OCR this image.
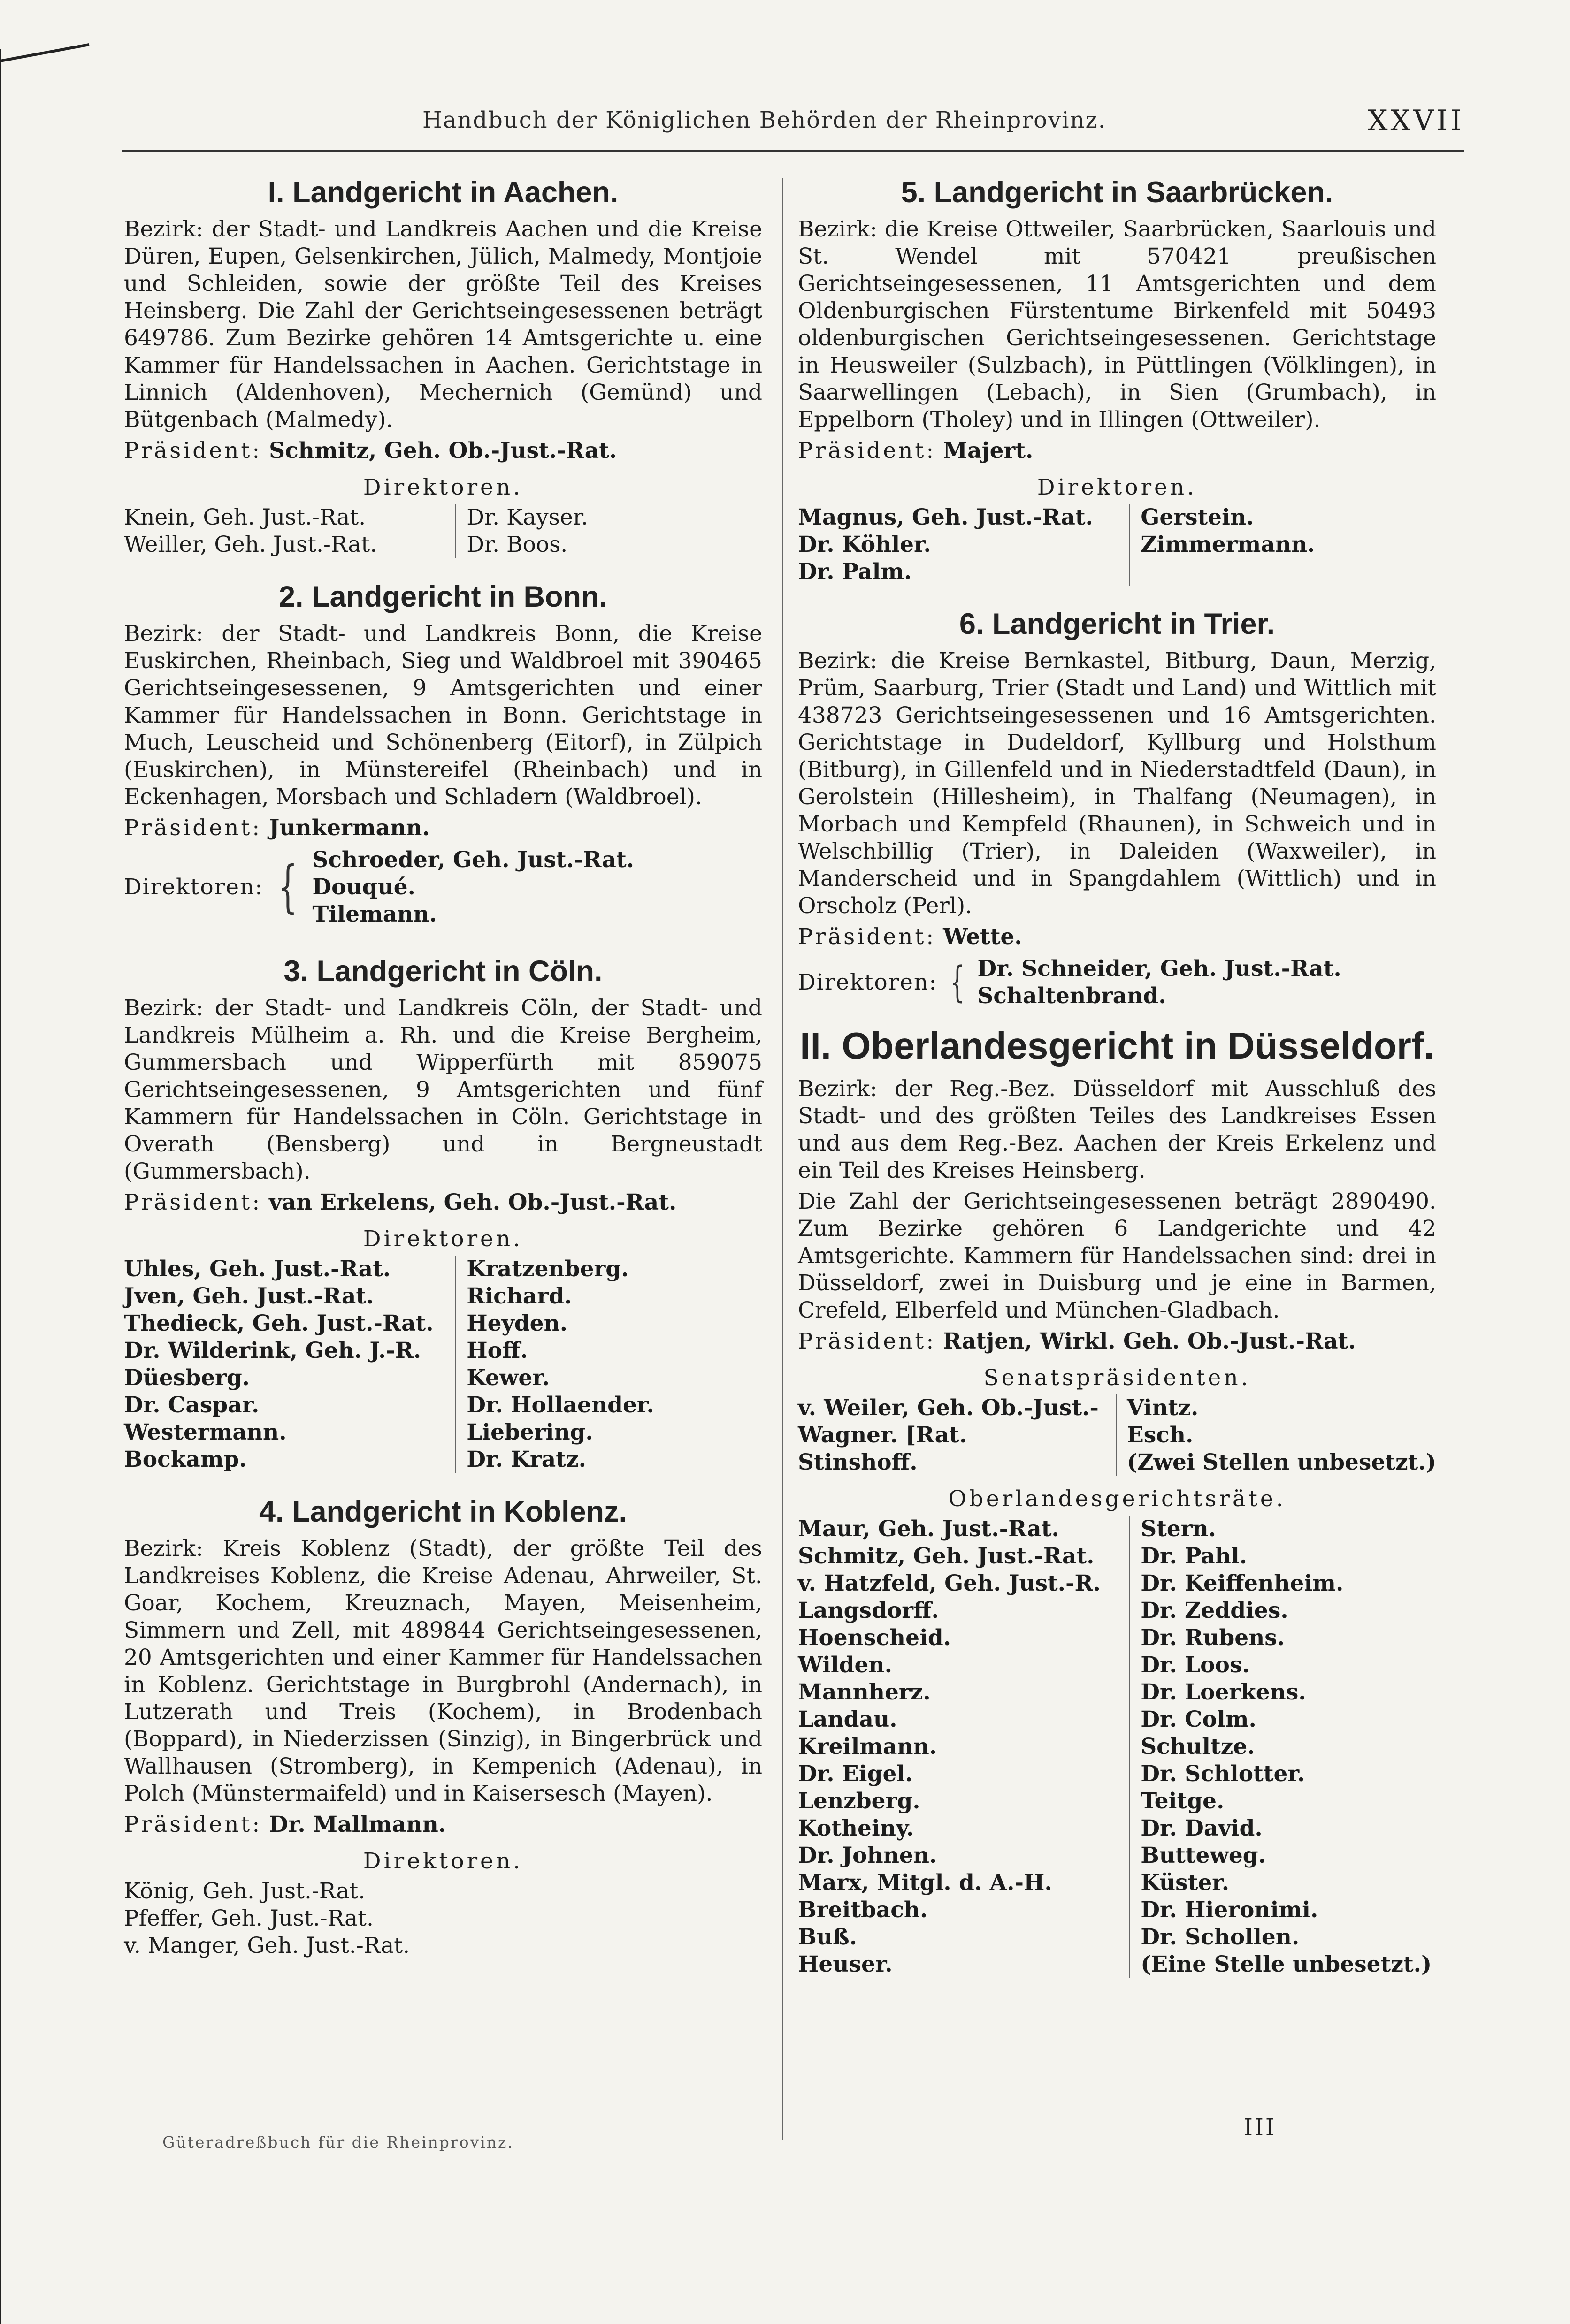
Handbuch der Königlichen Behörden der Rheinprovinz.	XXVII
I. Landgericht in Aachen.

Bezirk: der Stadt- und Landkreis Aachen und die Kreise Düren, Eupen, Gelsenkirchen, Jülich, Malmedy, Montjoie und Schleiden, sowie der größte Teil des Kreises Heinsberg. Die Zahl der Gerichtseingesessenen beträgt 649786. Zum Bezirke gehören 14 Amtsgerichte u. eine Kammer für Handelssachen in Aachen. Gerichtstage in Linnich (Aldenhoven), Mechernich (Gemünd) und Bütgenbach (Malmedy).

Präsident: Schmitz, Geh. Ob.-Just.-Rat.
Direktoren.
Knein, Geh. Just.-Rat.	Dr. Kayser.
Weiller, Geh. Just.-Rat.	Dr. Boos.
2. Landgericht in Bonn.

Bezirk: der Stadt- und Landkreis Bonn, die Kreise Euskirchen, Rheinbach, Sieg und Waldbroel mit 390465 Gerichtseingesessenen, 9 Amtsgerichten und einer Kammer für Handelssachen in Bonn. Gerichtstage in Much, Leuscheid und Schönenberg (Eitorf), in Zülpich (Euskirchen), in Münstereifel (Rheinbach) und in Eckenhagen, Morsbach und Schladern (Waldbroel).

Präsident: Junkermann.
Direktoren: { Schroeder, Geh. Just.-Rat.
Douqué.
Tilemann.
3. Landgericht in Cöln.

Bezirk: der Stadt- und Landkreis Cöln, der Stadt- und Landkreis Mülheim a. Rh. und die Kreise Bergheim, Gummersbach und Wipperfürth mit 859075 Gerichtseingesessenen, 9 Amtsgerichten und fünf Kammern für Handelssachen in Cöln. Gerichtstage in Overath (Bensberg) und in Bergneustadt (Gummersbach).

Präsident: van Erkelens, Geh. Ob.-Just.-Rat.
Direktoren.
Uhles, Geh. Just.-Rat.	Kratzenberg.
Jven, Geh. Just.-Rat.	Richard.
Thedieck, Geh. Just.-Rat.	Heyden.
Dr. Wilderink, Geh. J.-R.	Hoff.
Düesberg.	Kewer.
Dr. Caspar.	Dr. Hollaender.
Westermann.	Liebering.
Bockamp.	Dr. Kratz.
4. Landgericht in Koblenz.

Bezirk: Kreis Koblenz (Stadt), der größte Teil des Landkreises Koblenz, die Kreise Adenau, Ahrweiler, St. Goar, Kochem, Kreuznach, Mayen, Meisenheim, Simmern und Zell, mit 489844 Gerichtseingesessenen, 20 Amtsgerichten und einer Kammer für Handelssachen in Koblenz. Gerichtstage in Burgbrohl (Andernach), in Lutzerath und Treis (Kochem), in Brodenbach (Boppard), in Niederzissen (Sinzig), in Bingerbrück und Wallhausen (Stromberg), in Kempenich (Adenau), in Polch (Münstermaifeld) und in Kaisersesch (Mayen).

Präsident: Dr. Mallmann.
Direktoren.
König, Geh. Just.-Rat.
Pfeffer, Geh. Just.-Rat.
v. Manger, Geh. Just.-Rat.
5. Landgericht in Saarbrücken.

Bezirk: die Kreise Ottweiler, Saarbrücken, Saarlouis und St. Wendel mit 570421 preußischen Gerichtseingesessenen, 11 Amtsgerichten und dem Oldenburgischen Fürstentume Birkenfeld mit 50493 oldenburgischen Gerichtseingesessenen. Gerichtstage in Heusweiler (Sulzbach), in Püttlingen (Völklingen), in Saarwellingen (Lebach), in Sien (Grumbach), in Eppelborn (Tholey) und in Illingen (Ottweiler).

Präsident: Majert.
Direktoren.
Magnus, Geh. Just.-Rat.	Gerstein.
Dr. Köhler.	Zimmermann.
Dr. Palm.	
6. Landgericht in Trier.

Bezirk: die Kreise Bernkastel, Bitburg, Daun, Merzig, Prüm, Saarburg, Trier (Stadt und Land) und Wittlich mit 438723 Gerichtseingesessenen und 16 Amtsgerichten. Gerichtstage in Dudeldorf, Kyllburg und Holsthum (Bitburg), in Gillenfeld und in Niederstadtfeld (Daun), in Gerolstein (Hillesheim), in Thalfang (Neumagen), in Morbach und Kempfeld (Rhaunen), in Schweich und in Welschbillig (Trier), in Daleiden (Waxweiler), in Manderscheid und in Spangdahlem (Wittlich) und in Orscholz (Perl).

Präsident: Wette.
Direktoren: { Dr. Schneider, Geh. Just.-Rat.
Schaltenbrand.
II. Oberlandesgericht in Düsseldorf.

Bezirk: der Reg.-Bez. Düsseldorf mit Ausschluß des Stadt- und des größten Teiles des Landkreises Essen und aus dem Reg.-Bez. Aachen der Kreis Erkelenz und ein Teil des Kreises Heinsberg.

Die Zahl der Gerichtseingesessenen beträgt 2890490. Zum Bezirke gehören 6 Landgerichte und 42 Amtsgerichte. Kammern für Handelssachen sind: drei in Düsseldorf, zwei in Duisburg und je eine in Barmen, Crefeld, Elberfeld und München-Gladbach.

Präsident: Ratjen, Wirkl. Geh. Ob.-Just.-Rat.
Senatspräsidenten.
v. Weiler, Geh. Ob.-Just.-	Vintz.
Wagner. [Rat.	Esch.
Stinshoff.	(Zwei Stellen unbesetzt.)
Oberlandesgerichtsräte.
Maur, Geh. Just.-Rat.	Stern.
Schmitz, Geh. Just.-Rat.	Dr. Pahl.
v. Hatzfeld, Geh. Just.-R.	Dr. Keiffenheim.
Langsdorff.	Dr. Zeddies.
Hoenscheid.	Dr. Rubens.
Wilden.	Dr. Loos.
Mannherz.	Dr. Loerkens.
Landau.	Dr. Colm.
Kreilmann.	Schultze.
Dr. Eigel.	Dr. Schlotter.
Lenzberg.	Teitge.
Kotheiny.	Dr. David.
Dr. Johnen.	Butteweg.
Marx, Mitgl. d. A.-H.	Küster.
Breitbach.	Dr. Hieronimi.
Buß.	Dr. Schollen.
Heuser.	(Eine Stelle unbesetzt.)
Güteradreßbuch für die Rheinprovinz.
III
